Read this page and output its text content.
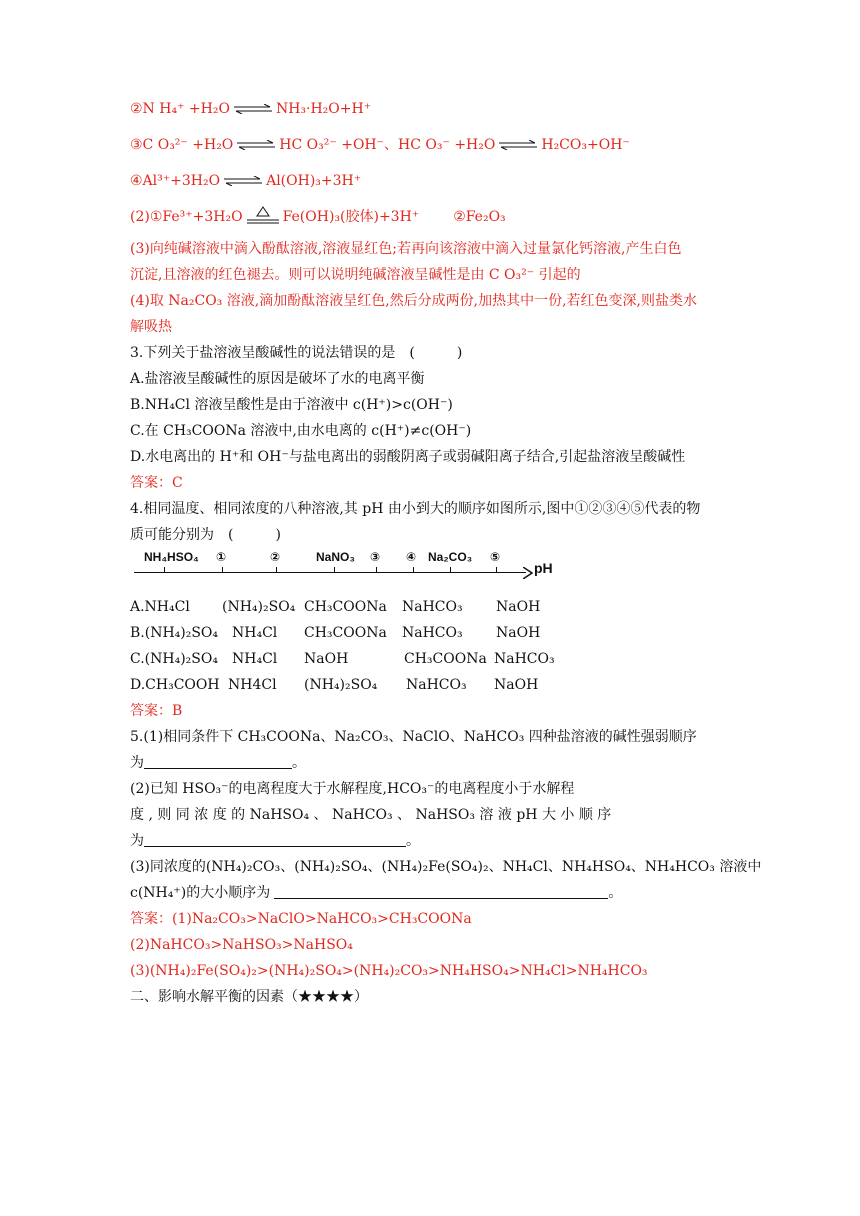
②N H₄⁺ +H₂O ⇌ NH₃·H₂O+H⁺
③C O₃²⁻ +H₂O ⇌ HC O₃²⁻ +OH⁻、HC O₃⁻ +H₂O ⇌ H₂CO₃+OH⁻
④Al³⁺+3H₂O ⇌ Al(OH)₃+3H⁺
(2)①Fe³⁺+3H₂O	Fe(OH)₃(胶体)+3H⁺ ②Fe₂O₃
(3)向纯碱溶液中滴入酚酞溶液,溶液显红色;若再向该溶液中滴入过量氯化钙溶液,产生白色
沉淀,且溶液的红色褪去。则可以说明纯碱溶液呈碱性是由 C O₃²⁻ 引起的
(4)取 Na₂CO₃ 溶液,滴加酚酞溶液呈红色,然后分成两份,加热其中一份,若红色变深,则盐类水
解吸热
3.下列关于盐溶液呈酸碱性的说法错误的是　(　　　)
A.盐溶液呈酸碱性的原因是破坏了水的电离平衡
B.NH₄Cl 溶液呈酸性是由于溶液中 c(H⁺)>c(OH⁻)
C.在 CH₃COONa 溶液中,由水电离的 c(H⁺)≠c(OH⁻)
D.水电离出的 H⁺和 OH⁻与盐电离出的弱酸阴离子或弱碱阳离子结合,引起盐溶液呈酸碱性
答案：C
4.相同温度、相同浓度的八种溶液,其 pH 由小到大的顺序如图所示,图中①②③④⑤代表的物
质可能分别为　(　　　)
NH₄HSO₄ ①	②	NaNO₃ ③ ④ Na₂CO₃ ⑤
pH
A.NH₄Cl (NH₄)₂SO₄ CH₃COONa NaHCO₃ NaOH
B.(NH₄)₂SO₄ NH₄Cl CH₃COONa NaHCO₃ NaOH
C.(NH₄)₂SO₄ NH₄Cl NaOH	CH₃COONa NaHCO₃
D.CH₃COOH NH4Cl (NH₄)₂SO₄ NaHCO₃ NaOH
答案：B
5.(1)相同条件下 CH₃COONa、Na₂CO₃、NaClO、NaHCO₃ 四种盐溶液的碱性强弱顺序
为	。
(2)已知 HSO₃⁻的电离程度大于水解程度,HCO₃⁻的电离程度小于水解程
度 , 则 同 浓 度 的 NaHSO₄ 、 NaHCO₃ 、 NaHSO₃ 溶 液 pH 大 小 顺 序
为	。
(3)同浓度的(NH₄)₂CO₃、(NH₄)₂SO₄、(NH₄)₂Fe(SO₄)₂、NH₄Cl、NH₄HSO₄、NH₄HCO₃ 溶液中
c(NH₄⁺)的大小顺序为	。
答案：(1)Na₂CO₃>NaClO>NaHCO₃>CH₃COONa
(2)NaHCO₃>NaHSO₃>NaHSO₄
(3)(NH₄)₂Fe(SO₄)₂>(NH₄)₂SO₄>(NH₄)₂CO₃>NH₄HSO₄>NH₄Cl>NH₄HCO₃
二、影响水解平衡的因素（★★★★）
